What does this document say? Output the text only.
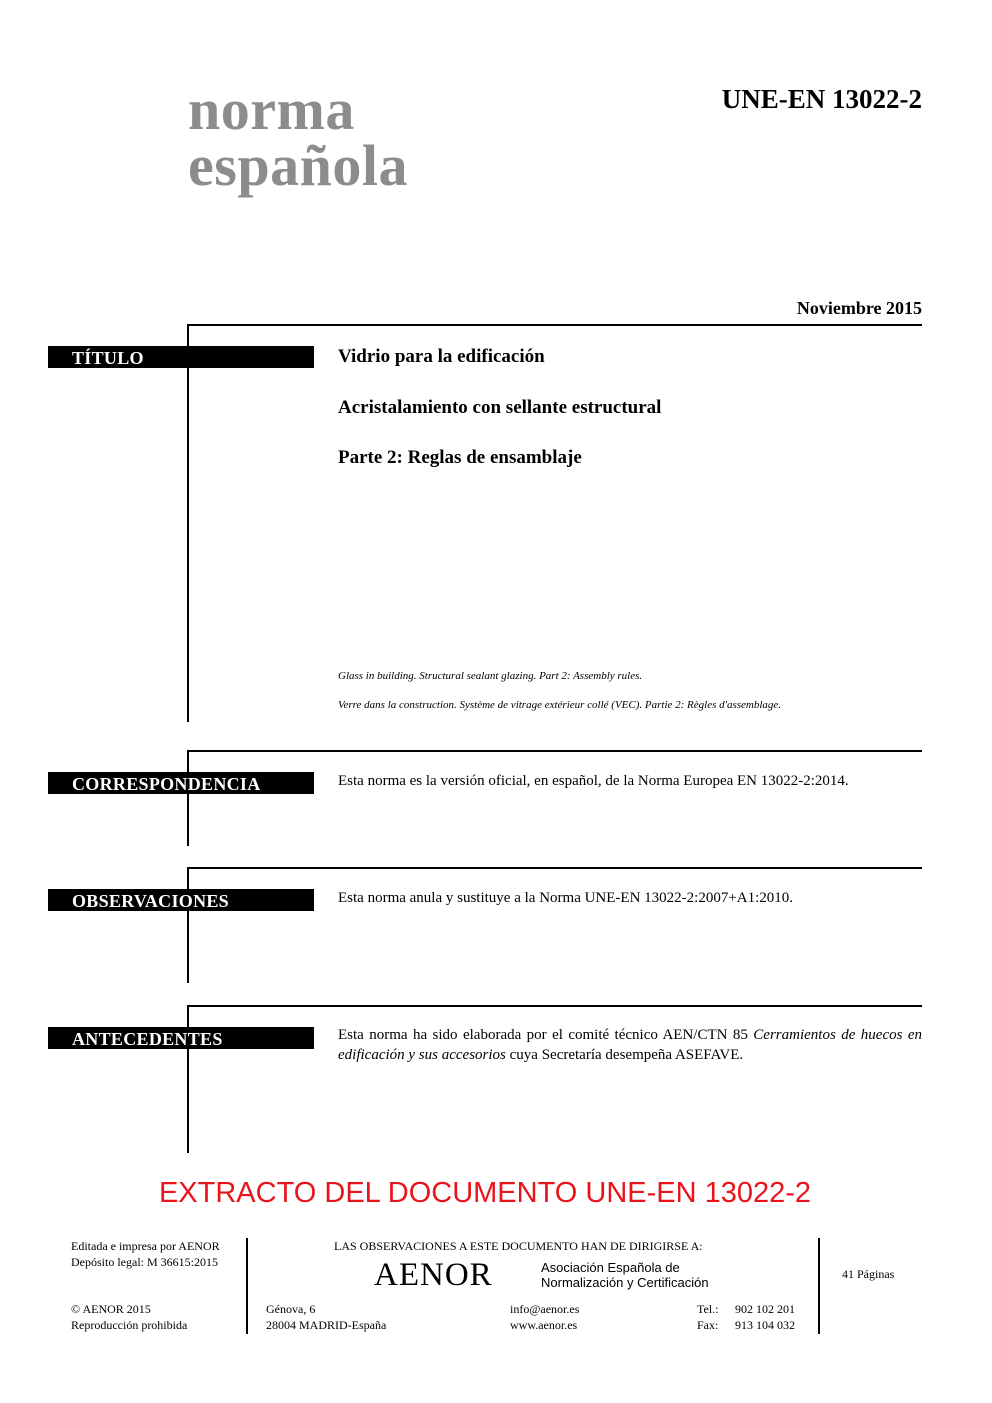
norma
española
UNE-EN 13022-2
Noviembre 2015
TÍTULO	Vidrio para la edificación
Acristalamiento con sellante estructural
Parte 2: Reglas de ensamblaje
Glass in building. Structural sealant glazing. Part 2: Assembly rules.
Verre dans la construction. Système de vitrage extérieur collé (VEC). Partie 2: Règles d'assemblage.
CORRESPONDENCIA	Esta norma es la versión oficial, en español, de la Norma Europea EN 13022-2:2014.
OBSERVACIONES	Esta norma anula y sustituye a la Norma UNE-EN 13022-2:2007+A1:2010.
ANTECEDENTES	Esta norma ha sido elaborada por el comité técnico AEN/CTN 85 Cerramientos de huecos en edificación y sus accesorios cuya Secretaría desempeña ASEFAVE.
EXTRACTO DEL DOCUMENTO UNE-EN 13022-2
Editada e impresa por AENOR
Depósito legal: M 36615:2015
© AENOR 2015
Reproducción prohibida
LAS OBSERVACIONES A ESTE DOCUMENTO HAN DE DIRIGIRSE A:
AENOR	Asociación Española de
Normalización y Certificación
Génova, 6
28004 MADRID-España
info@aenor.es
www.aenor.es
Tel.: 902 102 201
Fax: 913 104 032
41 Páginas
